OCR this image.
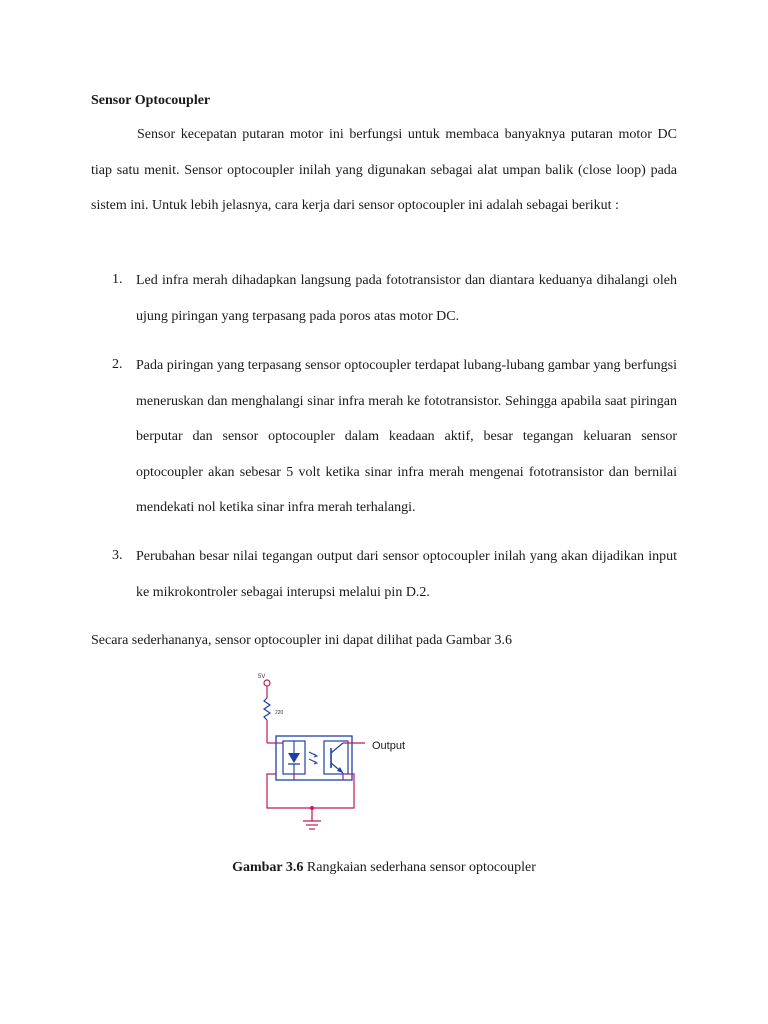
Sensor Optocoupler

Sensor kecepatan putaran motor ini berfungsi untuk membaca banyaknya putaran motor DC tiap satu menit. Sensor optocoupler inilah yang digunakan sebagai alat umpan balik (close loop) pada sistem ini. Untuk lebih jelasnya, cara kerja dari sensor optocoupler ini adalah sebagai berikut :

1. Led infra merah dihadapkan langsung pada fototransistor dan diantara keduanya dihalangi oleh ujung piringan yang terpasang pada poros atas motor DC.
2. Pada piringan yang terpasang sensor optocoupler terdapat lubang-lubang gambar yang berfungsi meneruskan dan menghalangi sinar infra merah ke fototransistor. Sehingga apabila saat piringan berputar dan sensor optocoupler dalam keadaan aktif, besar tegangan keluaran sensor optocoupler akan sebesar 5 volt ketika sinar infra merah mengenai fototransistor dan bernilai mendekati nol ketika sinar infra merah terhalangi.
3. Perubahan besar nilai tegangan output dari sensor optocoupler inilah yang akan dijadikan input ke mikrokontroler sebagai interupsi melalui pin D.2.
Secara sederhananya, sensor optocoupler ini dapat dilihat pada Gambar 3.6
5V
220
Output
Gambar 3.6 Rangkaian sederhana sensor optocoupler
